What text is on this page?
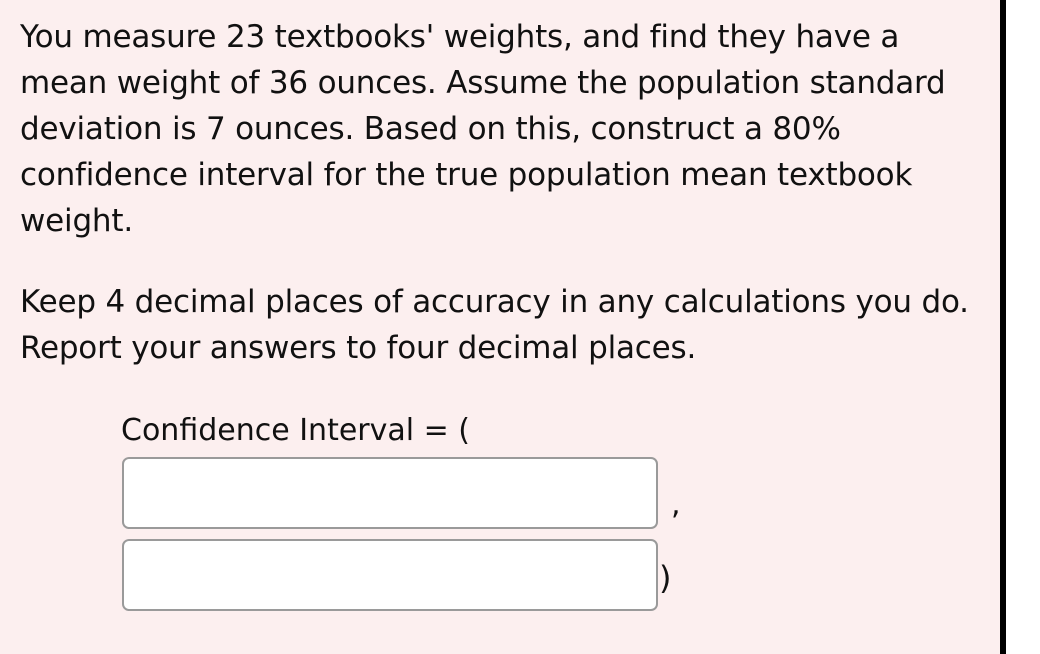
You measure 23 textbooks' weights, and find they have a mean weight of 36 ounces. Assume the population standard deviation is 7 ounces. Based on this, construct a 80% confidence interval for the true population mean textbook weight.

Keep 4 decimal places of accuracy in any calculations you do. Report your answers to four decimal places.

Confidence Interval = (
,
)
